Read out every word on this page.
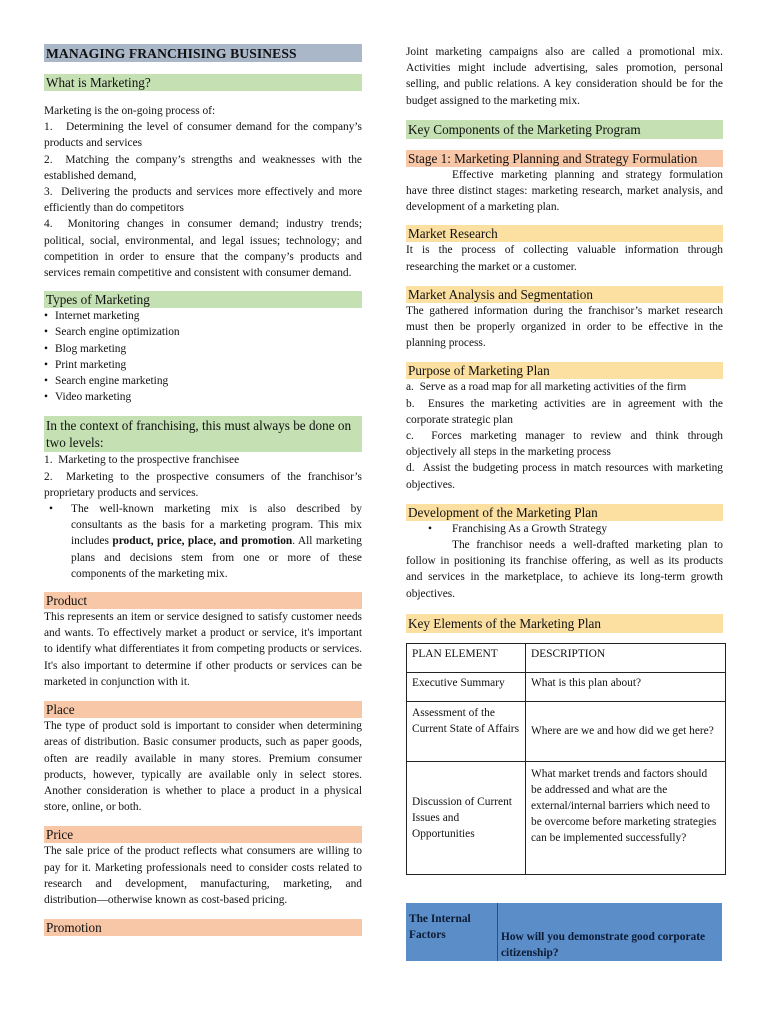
MANAGING FRANCHISING BUSINESS
What is Marketing?

Marketing is the on-going process of:

1.   Determining the level of consumer demand for the company’s products and services
2.  Matching the company’s strengths and weaknesses with the established demand,
3.  Delivering the products and services more effectively and more efficiently than do competitors
4.  Monitoring changes in consumer demand; industry trends; political, social, environmental, and legal issues; technology; and competition in order to ensure that the company’s products and services remain competitive and consistent with consumer demand.
Types of Marketing
• Internet marketing
• Search engine optimization
• Blog marketing
• Print marketing
• Search engine marketing
• Video marketing
In the context of franchising, this must always be done on two levels:
1.  Marketing to the prospective franchisee
2.  Marketing to the prospective consumers of the franchisor’s proprietary products and services.
• The well-known marketing mix is also described by consultants as the basis for a marketing program. This mix includes product, price, place, and promotion. All marketing plans and decisions stem from one or more of these components of the marketing mix.

Product

This represents an item or service designed to satisfy customer needs and wants. To effectively market a product or service, it's important to identify what differentiates it from competing products or services. It's also important to determine if other products or services can be marketed in conjunction with it.

Place

The type of product sold is important to consider when determining areas of distribution. Basic consumer products, such as paper goods, often are readily available in many stores. Premium consumer products, however, typically are available only in select stores. Another consideration is whether to place a product in a physical store, online, or both.

Price

The sale price of the product reflects what consumers are willing to pay for it. Marketing professionals need to consider costs related to research and development, manufacturing, marketing, and distribution—otherwise known as cost-based pricing.

Promotion

Joint marketing campaigns also are called a promotional mix. Activities might include advertising, sales promotion, personal selling, and public relations. A key consideration should be for the budget assigned to the marketing mix.

Key Components of the Marketing Program
Stage 1: Marketing Planning and Strategy Formulation

Effective marketing planning and strategy formulation have three distinct stages: marketing research, market analysis, and development of a marketing plan.

Market Research

It is the process of collecting valuable information through researching the market or a customer.

Market Analysis and Segmentation

The gathered information during the franchisor’s market research must then be properly organized in order to be effective in the planning process.

Purpose of Marketing Plan
a.  Serve as a road map for all marketing activities of the firm
b.  Ensures the marketing activities are in agreement with the corporate strategic plan
c.  Forces marketing manager to review and think through objectively all steps in the marketing process
d.  Assist the budgeting process in match resources with marketing objectives.
Development of the Marketing Plan
• Franchising As a Growth Strategy

The franchisor needs a well-drafted marketing plan to follow in positioning its franchise offering, as well as its products and services in the marketplace, to achieve its long-term growth objectives.

Key Elements of the Marketing Plan
PLAN ELEMENT	DESCRIPTION
Executive Summary	What is this plan about?
Assessment of the Current State of Affairs	Where are we and how did we get here?
Discussion of Current Issues and Opportunities	What market trends and factors should be addressed and what are the external/internal barriers which need to be overcome before marketing strategies can be implemented successfully?
The Internal Factors	How will you demonstrate good corporate citizenship?
